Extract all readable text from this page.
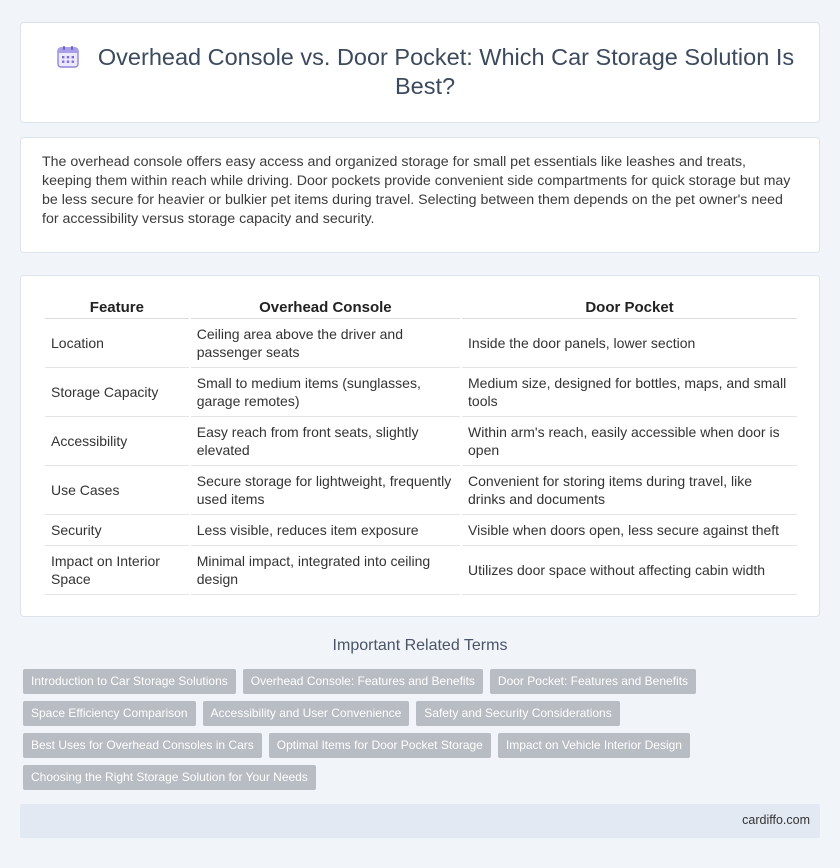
Overhead Console vs. Door Pocket: Which Car Storage Solution Is Best?

The overhead console offers easy access and organized storage for small pet essentials like leashes and treats, keeping them within reach while driving. Door pockets provide convenient side compartments for quick storage but may be less secure for heavier or bulkier pet items during travel. Selecting between them depends on the pet owner's need for accessibility versus storage capacity and security.

Feature	Overhead Console	Door Pocket
Location	Ceiling area above the driver and passenger seats	Inside the door panels, lower section
Storage Capacity	Small to medium items (sunglasses, garage remotes)	Medium size, designed for bottles, maps, and small tools
Accessibility	Easy reach from front seats, slightly elevated	Within arm's reach, easily accessible when door is open
Use Cases	Secure storage for lightweight, frequently used items	Convenient for storing items during travel, like drinks and documents
Security	Less visible, reduces item exposure	Visible when doors open, less secure against theft
Impact on Interior Space	Minimal impact, integrated into ceiling design	Utilizes door space without affecting cabin width
Important Related Terms
Introduction to Car Storage Solutions Overhead Console: Features and Benefits Door Pocket: Features and Benefits
Space Efficiency Comparison Accessibility and User Convenience Safety and Security Considerations
Best Uses for Overhead Consoles in Cars Optimal Items for Door Pocket Storage Impact on Vehicle Interior Design
Choosing the Right Storage Solution for Your Needs
cardiffo.com
